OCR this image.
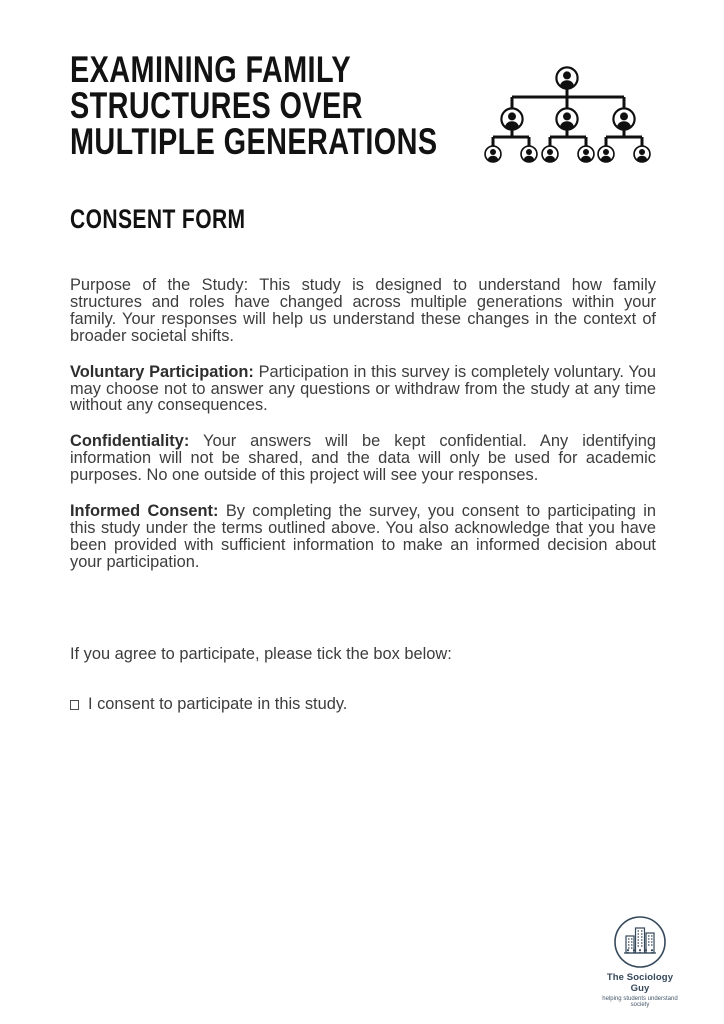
EXAMINING FAMILY
STRUCTURES OVER
MULTIPLE GENERATIONS
CONSENT FORM

Purpose of the Study: This study is designed to understand how family structures and roles have changed across multiple generations within your family. Your responses will help us understand these changes in the context of broader societal shifts.

Voluntary Participation: Participation in this survey is completely voluntary. You may choose not to answer any questions or withdraw from the study at any time without any consequences.

Confidentiality: Your answers will be kept confidential. Any identifying information will not be shared, and the data will only be used for academic purposes. No one outside of this project will see your responses.

Informed Consent: By completing the survey, you consent to participating in this study under the terms outlined above. You also acknowledge that you have been provided with sufficient information to make an informed decision about your participation.

If you agree to participate, please tick the box below:

I consent to participate in this study.

The Sociology Guy
helping students understand society
